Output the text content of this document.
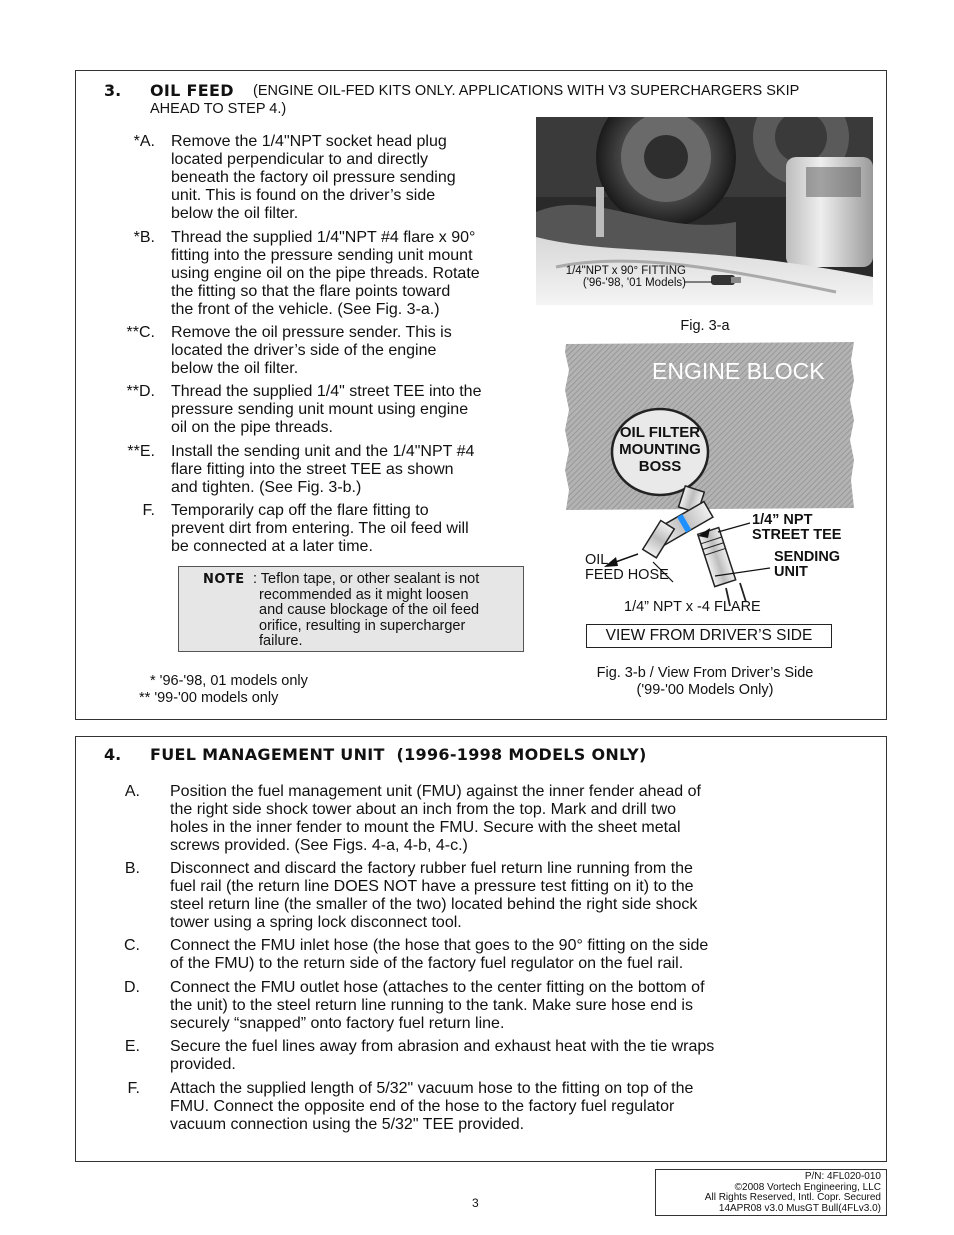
3. OIL FEED (ENGINE OIL-FED KITS ONLY. APPLICATIONS WITH V3 SUPERCHARGERS SKIP
AHEAD TO STEP 4.)
*A. Remove the 1/4"NPT socket head plug
located perpendicular to and directly
beneath the factory oil pressure sending
unit. This is found on the driver’s side
below the oil filter.
*B. Thread the supplied 1/4"NPT #4 flare x 90°
fitting into the pressure sending unit mount
using engine oil on the pipe threads. Rotate
the fitting so that the flare points toward
the front of the vehicle. (See Fig. 3-a.)
**C. Remove the oil pressure sender. This is
located the driver’s side of the engine
below the oil filter.
**D. Thread the supplied 1/4" street TEE into the
pressure sending unit mount using engine
oil on the pipe threads.
**E. Install the sending unit and the 1/4"NPT #4
flare fitting into the street TEE as shown
and tighten. (See Fig. 3-b.)
F. Temporarily cap off the flare fitting to
prevent dirt from entering. The oil feed will
be connected at a later time.
NOTE : Teflon tape, or other sealant is not
recommended as it might loosen
and cause blockage of the oil feed
orifice, resulting in supercharger
failure.
* '96-'98, 01 models only
** '99-'00 models only
1/4"NPT x 90° FITTING
('96-'98, '01 Models)
Fig. 3-a
ENGINE BLOCK
OIL FILTER
MOUNTING
BOSS
1/4” NPT
STREET TEE
SENDING
UNIT
OIL
FEED HOSE
1/4” NPT x -4 FLARE
VIEW FROM DRIVER’S SIDE
Fig. 3-b / View From Driver’s Side
('99-'00 Models Only)
4. FUEL MANAGEMENT UNIT  (1996-1998 MODELS ONLY)
A. Position the fuel management unit (FMU) against the inner fender ahead of
the right side shock tower about an inch from the top. Mark and drill two
holes in the inner fender to mount the FMU. Secure with the sheet metal
screws provided. (See Figs. 4-a, 4-b, 4-c.)
B. Disconnect and discard the factory rubber fuel return line running from the
fuel rail (the return line DOES NOT have a pressure test fitting on it) to the
steel return line (the smaller of the two) located behind the right side shock
tower using a spring lock disconnect tool.
C. Connect the FMU inlet hose (the hose that goes to the 90° fitting on the side
of the FMU) to the return side of the factory fuel regulator on the fuel rail.
D. Connect the FMU outlet hose (attaches to the center fitting on the bottom of
the unit) to the steel return line running to the tank. Make sure hose end is
securely “snapped” onto factory fuel return line.
E. Secure the fuel lines away from abrasion and exhaust heat with the tie wraps
provided.
F. Attach the supplied length of 5/32" vacuum hose to the fitting on top of the
FMU. Connect the opposite end of the hose to the factory fuel regulator
vacuum connection using the 5/32" TEE provided.
3
P/N: 4FL020-010
©2008 Vortech Engineering, LLC
All Rights Reserved, Intl. Copr. Secured
14APR08 v3.0 MusGT Bull(4FLv3.0)
